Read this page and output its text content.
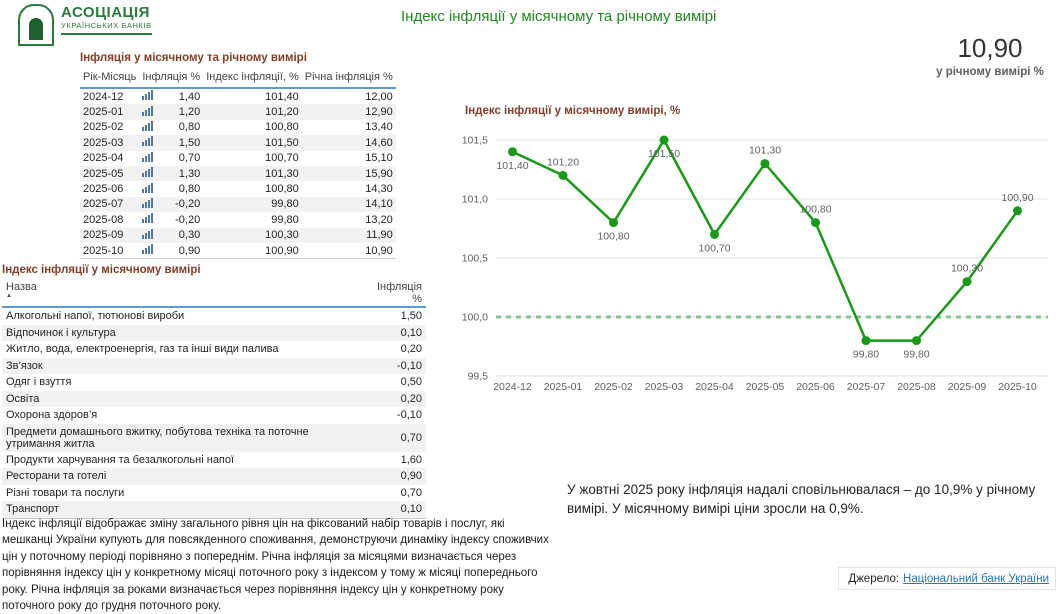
АСОЦІАЦІЯ
УКРАЇНСЬКИХ БАНКІВ
Індекс інфляції у місячному та річному вимірі
10,90
у річному вимірі %
Інфляція у місячному та річному вимірі
Рік-Місяць	Інфляція %		Індекс інфляції, %	Річна інфляція %
2024-12		1,40	101,40	12,00
2025-01		1,20	101,20	12,90
2025-02		0,80	100,80	13,40
2025-03		1,50	101,50	14,60
2025-04		0,70	100,70	15,10
2025-05		1,30	101,30	15,90
2025-06		0,80	100,80	14,30
2025-07		-0,20	99,80	14,10
2025-08		-0,20	99,80	13,20
2025-09		0,30	100,30	11,90
2025-10		0,90	100,90	10,90
Індекс інфляції у місячному вимірі
Назва
▲	Інфляція %
Алкогольні напої, тютюнові вироби	1,50
Відпочинок і культура	0,10
Житло, вода, електроенергія, газ та інші види палива	0,20
Зв’язок	-0,10
Одяг і взуття	0,50
Освіта	0,20
Охорона здоров’я	-0,10
Предмети домашнього вжитку, побутова техніка та поточне утримання житла	0,70
Продукти харчування та безалкогольні напої	1,60
Ресторани та готелі	0,90
Різні товари та послуги	0,70
Транспорт	0,10
Індекс інфляції у місячному вимірі, %
99,5
100,0
100,5
101,0
101,5
101,40
2024-12
101,20
2025-01
100,80
2025-02
101,50
2025-03
100,70
2025-04
101,30
2025-05
100,80
2025-06
99,80
2025-07
99,80
2025-08
100,30
2025-09
100,90
2025-10
Індекс інфляції відображає зміну загального рівня цін на фіксований набір товарів і послуг, які мешканці України купують для повсякденного споживання, демонструючи динаміку індексу споживчих цін у поточному періоді порівняно з попереднім. Річна інфляція за місяцями визначається через порівняння індексу цін у конкретному місяці поточного року з індексом у тому ж місяці попереднього року. Річна інфляція за роками визначається через порівняння індексу цін у конкретному року поточного року до грудня поточного року.
У жовтні 2025 року інфляція надалі сповільнювалася – до 10,9% у річному вимірі. У місячному вимірі ціни зросли на 0,9%.
Джерело: Національний банк України
